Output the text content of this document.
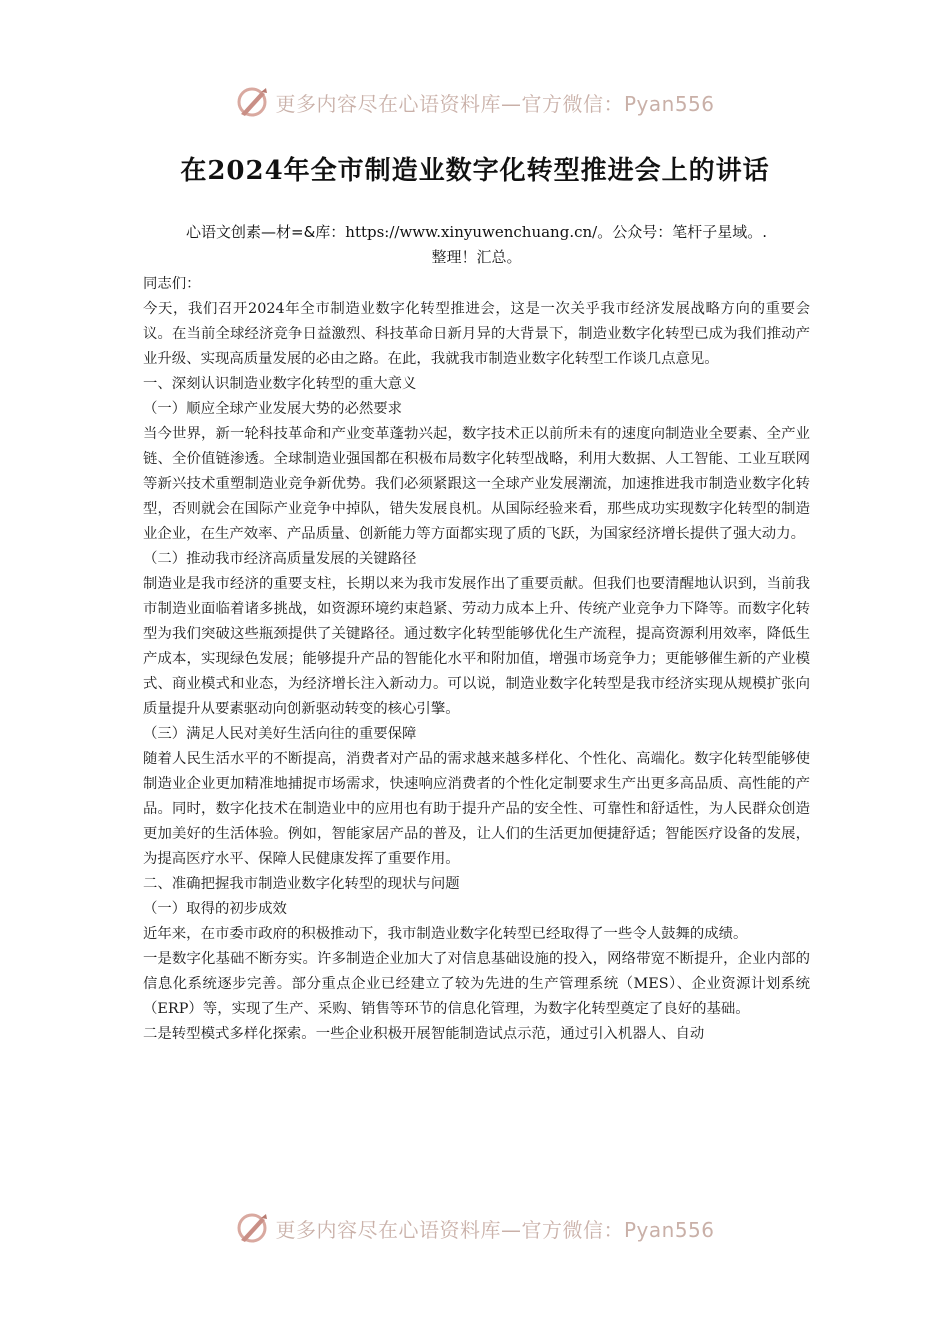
更多内容尽在心语资料库—官方微信：Pyan556
在2024年全市制造业数字化转型推进会上的讲话
心语文创素—材=&库：https://www.xinyuwenchuang.cn/。公众号：笔杆子星域。.
整理！汇总。

同志们：

今天，我们召开2024年全市制造业数字化转型推进会，这是一次关乎我市经济发展战略方向的重要会议。在当前全球经济竞争日益激烈、科技革命日新月异的大背景下，制造业数字化转型已成为我们推动产业升级、实现高质量发展的必由之路。在此，我就我市制造业数字化转型工作谈几点意见。

一、深刻认识制造业数字化转型的重大意义

（一）顺应全球产业发展大势的必然要求

当今世界，新一轮科技革命和产业变革蓬勃兴起，数字技术正以前所未有的速度向制造业全要素、全产业链、全价值链渗透。全球制造业强国都在积极布局数字化转型战略，利用大数据、人工智能、工业互联网等新兴技术重塑制造业竞争新优势。我们必须紧跟这一全球产业发展潮流，加速推进我市制造业数字化转型，否则就会在国际产业竞争中掉队，错失发展良机。从国际经验来看，那些成功实现数字化转型的制造业企业，在生产效率、产品质量、创新能力等方面都实现了质的飞跃，为国家经济增长提供了强大动力。

（二）推动我市经济高质量发展的关键路径

制造业是我市经济的重要支柱，长期以来为我市发展作出了重要贡献。但我们也要清醒地认识到，当前我市制造业面临着诸多挑战，如资源环境约束趋紧、劳动力成本上升、传统产业竞争力下降等。而数字化转型为我们突破这些瓶颈提供了关键路径。通过数字化转型能够优化生产流程，提高资源利用效率，降低生产成本，实现绿色发展；能够提升产品的智能化水平和附加值，增强市场竞争力；更能够催生新的产业模式、商业模式和业态，为经济增长注入新动力。可以说，制造业数字化转型是我市经济实现从规模扩张向质量提升从要素驱动向创新驱动转变的核心引擎。

（三）满足人民对美好生活向往的重要保障

随着人民生活水平的不断提高，消费者对产品的需求越来越多样化、个性化、高端化。数字化转型能够使制造业企业更加精准地捕捉市场需求，快速响应消费者的个性化定制要求生产出更多高品质、高性能的产品。同时，数字化技术在制造业中的应用也有助于提升产品的安全性、可靠性和舒适性，为人民群众创造更加美好的生活体验。例如，智能家居产品的普及，让人们的生活更加便捷舒适；智能医疗设备的发展，为提高医疗水平、保障人民健康发挥了重要作用。

二、准确把握我市制造业数字化转型的现状与问题

（一）取得的初步成效

近年来，在市委市政府的积极推动下，我市制造业数字化转型已经取得了一些令人鼓舞的成绩。

一是数字化基础不断夯实。许多制造企业加大了对信息基础设施的投入，网络带宽不断提升，企业内部的信息化系统逐步完善。部分重点企业已经建立了较为先进的生产管理系统（MES）、企业资源计划系统（ERP）等，实现了生产、采购、销售等环节的信息化管理，为数字化转型奠定了良好的基础。

二是转型模式多样化探索。一些企业积极开展智能制造试点示范，通过引入机器人、自动

更多内容尽在心语资料库—官方微信：Pyan556
